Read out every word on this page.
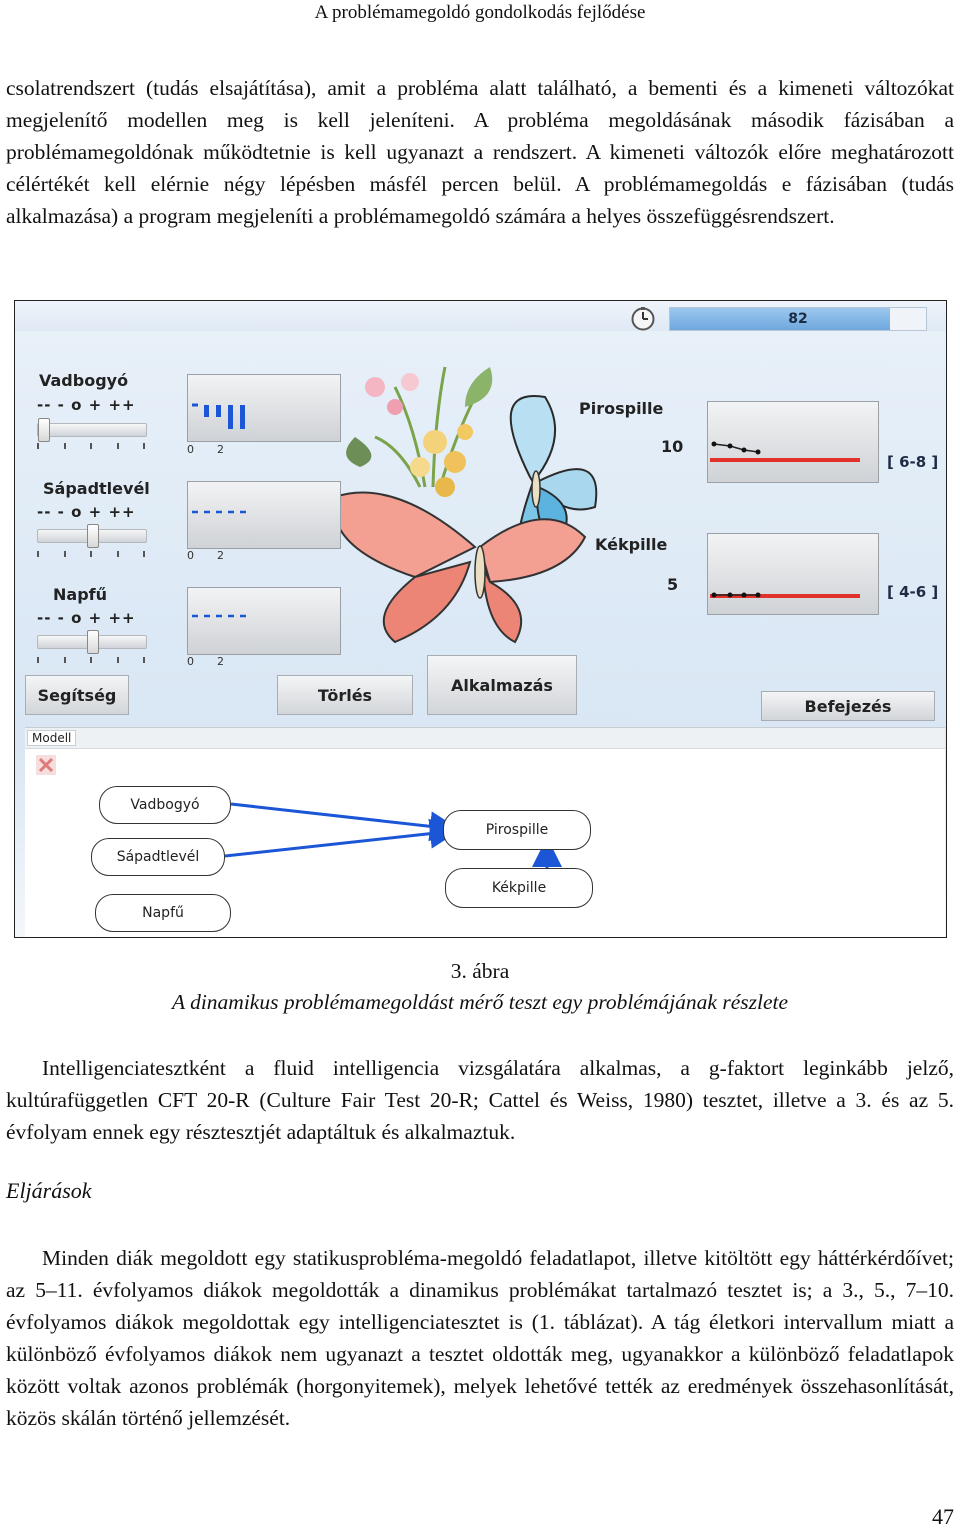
A problémamegoldó gondolkodás fejlődése
csolatrendszert (tudás elsajátítása), amit a probléma alatt található, a bementi és a kimeneti változókat megjelenítő modellen meg is kell jeleníteni. A probléma megoldásának második fázisában a problémamegoldónak működtetnie is kell ugyanazt a rendszert. A kimeneti változók előre meghatározott célértékét kell elérnie négy lépésben másfél percen belül. A problémamegoldás e fázisában (tudás alkalmazása) a program megjeleníti a problémamegoldó számára a helyes összefüggésrendszert.
82
Vadbogyó
-- - o + ++
0 2
Sápadtlevél
-- - o + ++
0 2
Napfű
-- - o + ++
0 2
Pirospille
10
[ 6-8 ]
Kékpille
5	[ 4-6 ]
Segítség	Törlés
Alkalmazás
Befejezés
Modell
Vadbogyó
Sápadtlevél
Napfű
Pirospille
Kékpille
3. ábra
A dinamikus problémamegoldást mérő teszt egy problémájának részlete
Intelligenciatesztként a fluid intelligencia vizsgálatára alkalmas, a g-faktort leginkább jelző, kultúrafüggetlen CFT 20-R (Culture Fair Test 20-R; Cattel és Weiss, 1980) tesztet, illetve a 3. és az 5. évfolyam ennek egy résztesztjét adaptáltuk és alkalmaztuk.
Eljárások
Minden diák megoldott egy statikusprobléma-megoldó feladatlapot, illetve kitöltött egy háttérkérdőívet; az 5–11. évfolyamos diákok megoldották a dinamikus problémákat tartalmazó tesztet is; a 3., 5., 7–10. évfolyamos diákok megoldottak egy intelligenciatesztet is (1. táblázat). A tág életkori intervallum miatt a különböző évfolyamos diákok nem ugyanazt a tesztet oldották meg, ugyanakkor a különböző feladatlapok között voltak azonos problémák (horgonyitemek), melyek lehetővé tették az eredmények összehasonlítását, közös skálán történő jellemzését.
47
